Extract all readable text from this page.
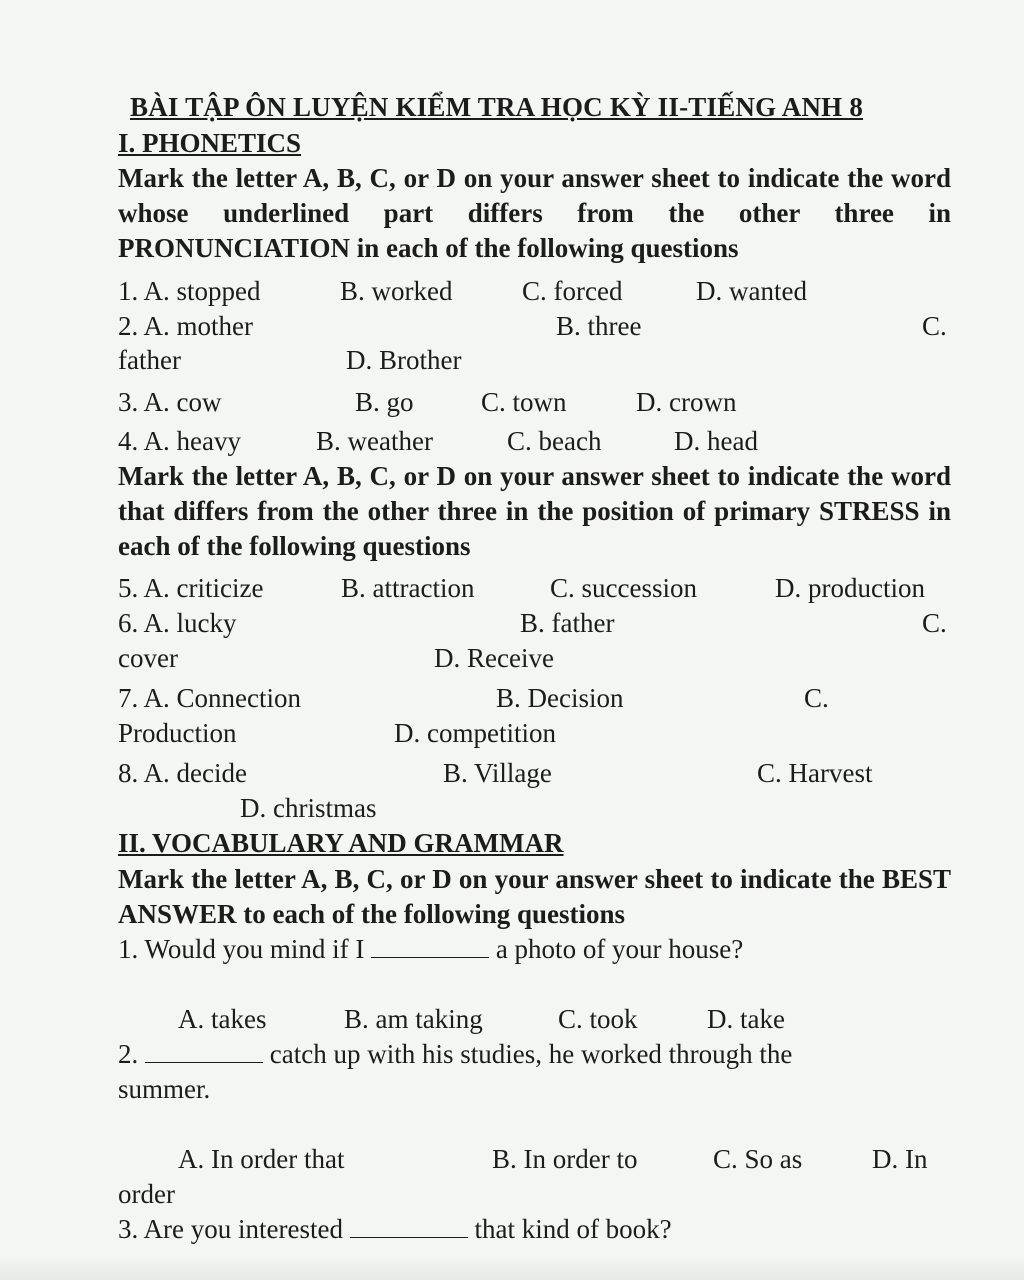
BÀI TẬP ÔN LUYỆN KIỂM TRA HỌC KỲ II-TIẾNG ANH 8
I. PHONETICS
Mark the letter A, B, C, or D on your answer sheet to indicate the word whose underlined part differs from the other three in PRONUNCIATION in each of the following questions
1. A. stopped	B. worked	C. forced	D. wanted
2. A. mother	B. three	C.
father	D. Brother
3. A. cow	B. go C. town	D. crown
4. A. heavy	B. weather	C. beach	D. head
Mark the letter A, B, C, or D on your answer sheet to indicate the word that differs from the other three in the position of primary STRESS in each of the following questions
5. A. criticize	B. attraction	C. succession	D. production
6. A. lucky	B. father	C.
cover	D. Receive
7. A. Connection	B. Decision	C.
Production	D. competition
8. A. decide	B. Village	C. Harvest
D. christmas
II. VOCABULARY AND GRAMMAR
Mark the letter A, B, C, or D on your answer sheet to indicate the BEST ANSWER to each of the following questions
1. Would you mind if I	a photo of your house?
A. takes	B. am taking	C. took	D. take
2.	catch up with his studies, he worked through the
summer.
A. In order that	B. In order to	C. So as	D. In
order
3. Are you interested	that kind of book?
